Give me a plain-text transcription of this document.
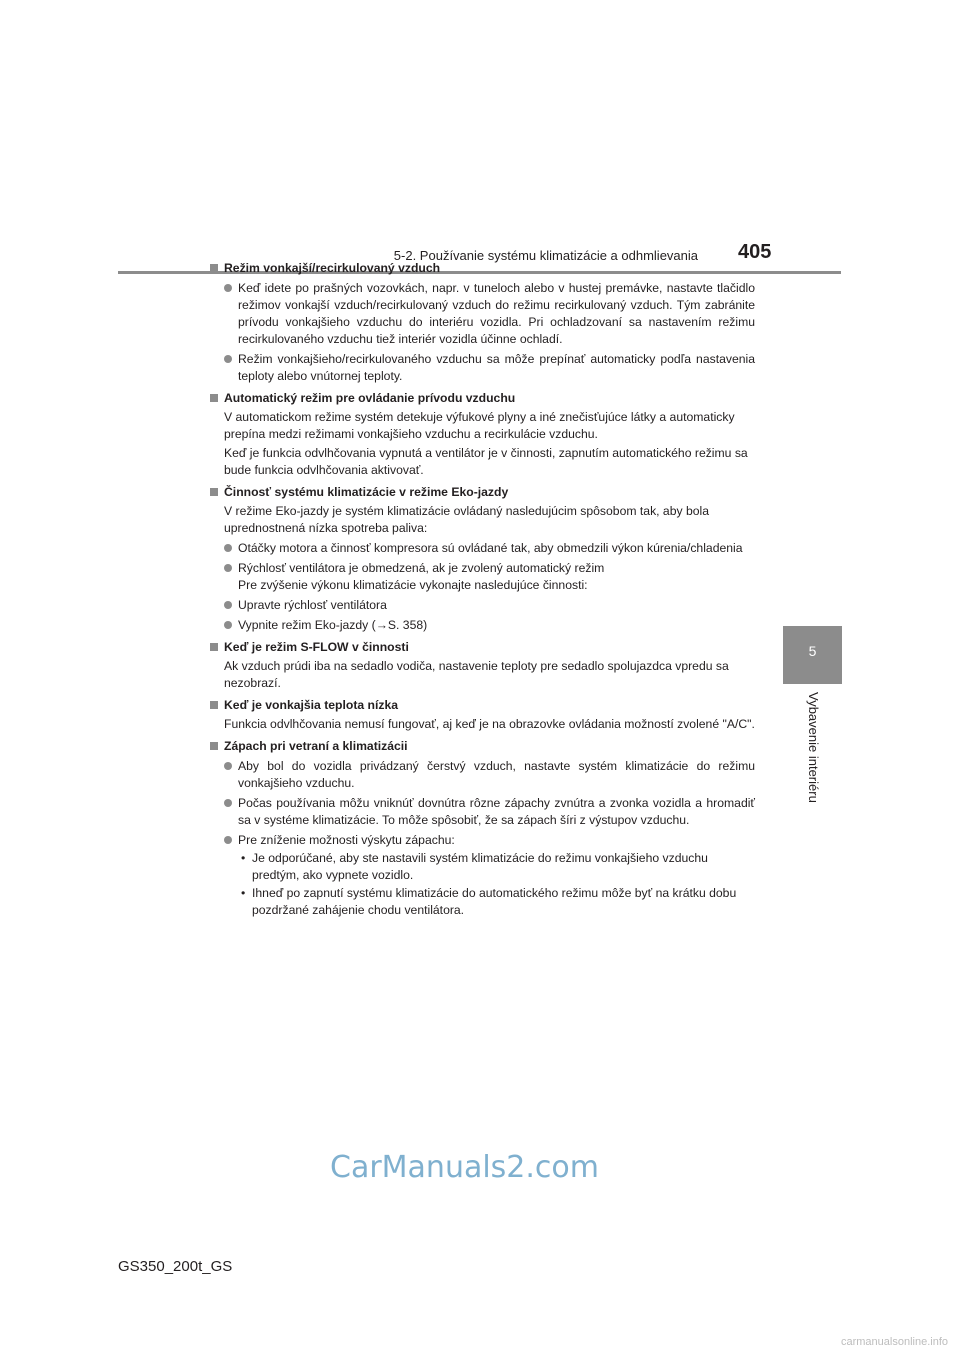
5-2. Používanie systému klimatizácie a odhmlievania 405
5
Vybavenie interiéru
Režim vonkajší/recirkulovaný vzduch
Keď idete po prašných vozovkách, napr. v tuneloch alebo v hustej premávke, nastavte tlačidlo režimov vonkajší vzduch/recirkulovaný vzduch do režimu recirkulovaný vzduch. Tým zabránite prívodu vonkajšieho vzduchu do interiéru vozidla. Pri ochladzovaní sa nastavením režimu recirkulovaného vzduchu tiež interiér vozidla účinne ochladí.
Režim vonkajšieho/recirkulovaného vzduchu sa môže prepínať automaticky podľa nastavenia teploty alebo vnútornej teploty.
Automatický režim pre ovládanie prívodu vzduchu
V automatickom režime systém detekuje výfukové plyny a iné znečisťujúce látky a automaticky prepína medzi režimami vonkajšieho vzduchu a recirkulácie vzduchu.
Keď je funkcia odvlhčovania vypnutá a ventilátor je v činnosti, zapnutím automatického režimu sa bude funkcia odvlhčovania aktivovať.
Činnosť systému klimatizácie v režime Eko-jazdy
V režime Eko-jazdy je systém klimatizácie ovládaný nasledujúcim spôsobom tak, aby bola uprednostnená nízka spotreba paliva:
Otáčky motora a činnosť kompresora sú ovládané tak, aby obmedzili výkon kúrenia/chladenia
Rýchlosť ventilátora je obmedzená, ak je zvolený automatický režim
Pre zvýšenie výkonu klimatizácie vykonajte nasledujúce činnosti:
Upravte rýchlosť ventilátora
Vypnite režim Eko-jazdy (→S. 358)
Keď je režim S-FLOW v činnosti
Ak vzduch prúdi iba na sedadlo vodiča, nastavenie teploty pre sedadlo spolujazdca vpredu sa nezobrazí.
Keď je vonkajšia teplota nízka
Funkcia odvlhčovania nemusí fungovať, aj keď je na obrazovke ovládania možností zvolené "A/C".
Zápach pri vetraní a klimatizácii
Aby bol do vozidla privádzaný čerstvý vzduch, nastavte systém klimatizácie do režimu vonkajšieho vzduchu.
Počas používania môžu vniknúť dovnútra rôzne zápachy zvnútra a zvonka vozidla a hromadiť sa v systéme klimatizácie. To môže spôsobiť, že sa zápach šíri z výstupov vzduchu.
Pre zníženie možnosti výskytu zápachu:
• Je odporúčané, aby ste nastavili systém klimatizácie do režimu vonkajšieho vzduchu predtým, ako vypnete vozidlo.
• Ihneď po zapnutí systému klimatizácie do automatického režimu môže byť na krátku dobu pozdržané zahájenie chodu ventilátora.
CarManuals2.com
GS350_200t_GS
carmanualsonline.info
